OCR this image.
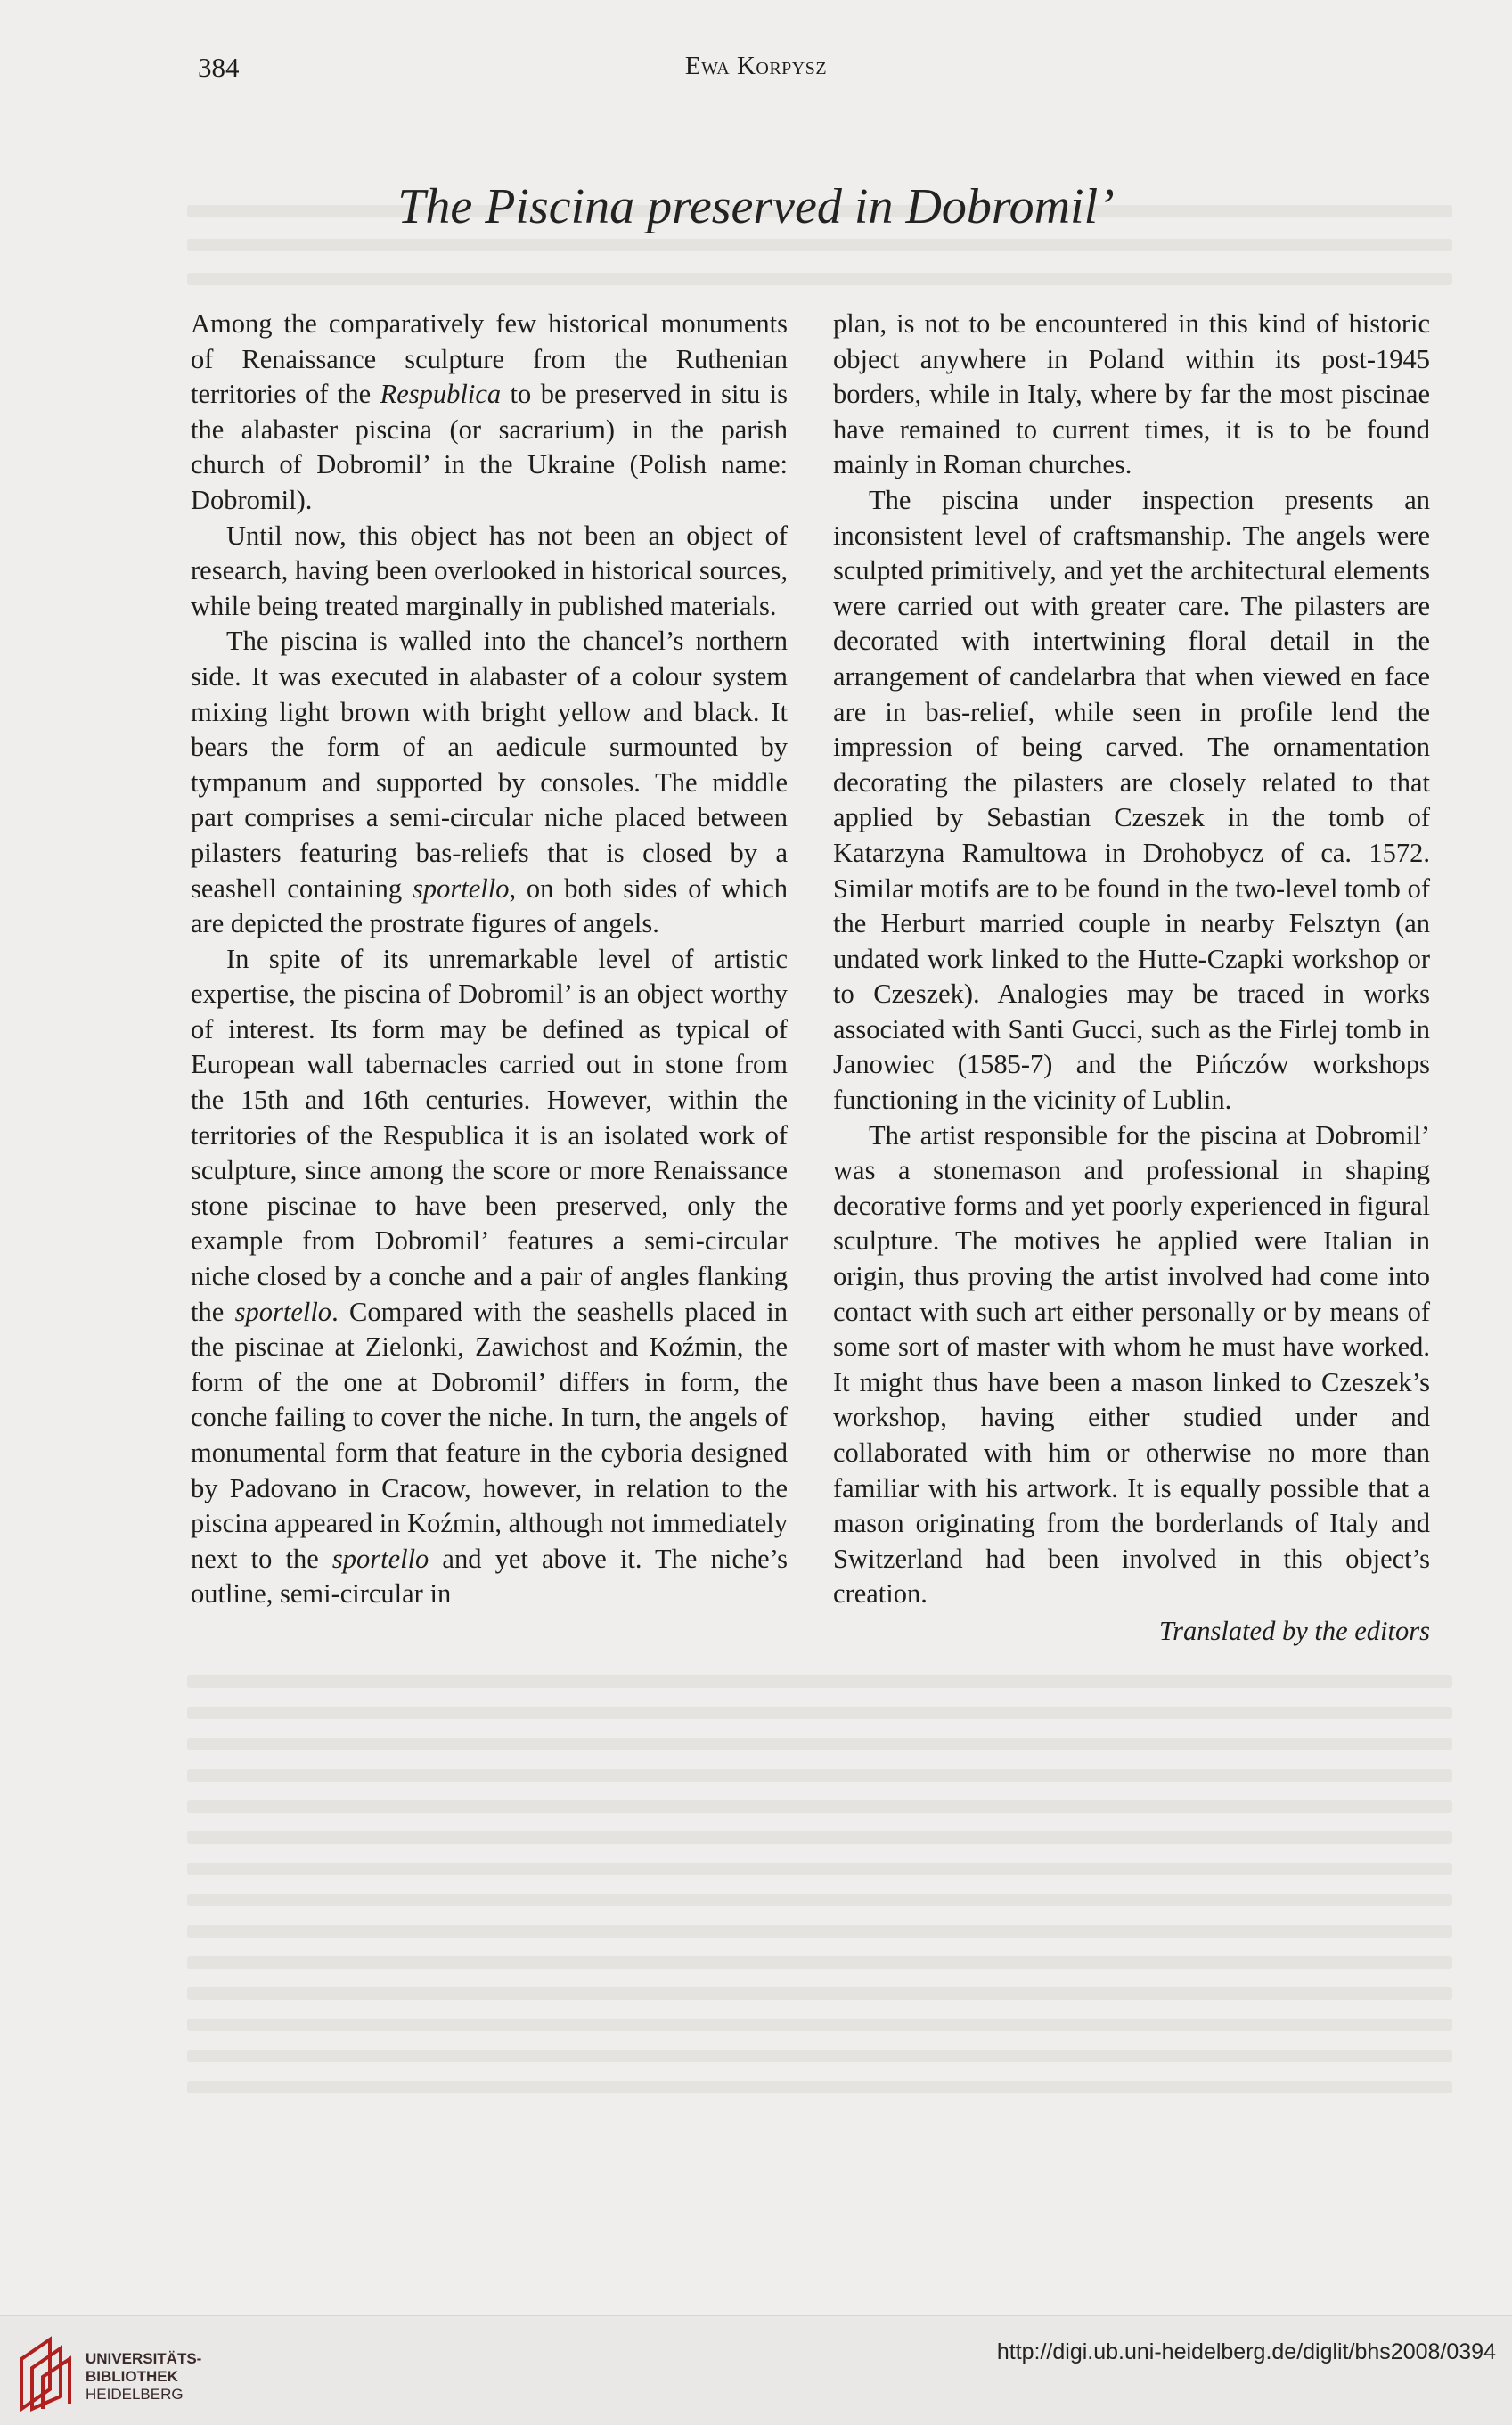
384	Ewa Korpysz
The Piscina preserved in Dobromil’

Among the comparatively few historical monuments of Renaissance sculpture from the Ruthenian territories of the Respublica to be preserved in situ is the alabaster piscina (or sacrarium) in the parish church of Dobromil’ in the Ukraine (Polish name: Dobromil).

Until now, this object has not been an object of research, having been overlooked in historical sources, while being treated marginally in published materials.

The piscina is walled into the chancel’s northern side. It was executed in alabaster of a colour system mixing light brown with bright yellow and black. It bears the form of an aedicule surmounted by tympanum and supported by consoles. The middle part comprises a semi-circular niche placed between pilasters featuring bas-reliefs that is closed by a seashell containing sportello, on both sides of which are depicted the prostrate figures of angels.

In spite of its unremarkable level of artistic expertise, the piscina of Dobromil’ is an object worthy of interest. Its form may be defined as typical of European wall tabernacles carried out in stone from the 15th and 16th centuries. However, within the territories of the Respublica it is an isolated work of sculpture, since among the score or more Renaissance stone piscinae to have been preserved, only the example from Dobromil’ features a semi-circular niche closed by a conche and a pair of angles flanking the sportello. Compared with the seashells placed in the piscinae at Zielonki, Zawichost and Koźmin, the form of the one at Dobromil’ differs in form, the conche failing to cover the niche. In turn, the angels of monumental form that feature in the cyboria designed by Padovano in Cracow, however, in relation to the piscina appeared in Koźmin, although not immediately next to the sportello and yet above it. The niche’s outline, semi-circular in

plan, is not to be encountered in this kind of historic object anywhere in Poland within its post-1945 borders, while in Italy, where by far the most piscinae have remained to current times, it is to be found mainly in Roman churches.

The piscina under inspection presents an inconsistent level of craftsmanship. The angels were sculpted primitively, and yet the architectural elements were carried out with greater care. The pilasters are decorated with intertwining floral detail in the arrangement of candelarbra that when viewed en face are in bas-relief, while seen in profile lend the impression of being carved. The ornamentation decorating the pilasters are closely related to that applied by Sebastian Czeszek in the tomb of Katarzyna Ramultowa in Drohobycz of ca. 1572. Similar motifs are to be found in the two-level tomb of the Herburt married couple in nearby Felsztyn (an undated work linked to the Hutte-Czapki workshop or to Czeszek). Analogies may be traced in works associated with Santi Gucci, such as the Firlej tomb in Janowiec (1585-7) and the Pińczów workshops functioning in the vicinity of Lublin.

The artist responsible for the piscina at Dobromil’ was a stonemason and professional in shaping decorative forms and yet poorly experienced in figural sculpture. The motives he applied were Italian in origin, thus proving the artist involved had come into contact with such art either personally or by means of some sort of master with whom he must have worked. It might thus have been a mason linked to Czeszek’s workshop, having either studied under and collaborated with him or otherwise no more than familiar with his artwork. It is equally possible that a mason originating from the borderlands of Italy and Switzerland had been involved in this object’s creation.

Translated by the editors
UNIVERSITÄTS-
BIBLIOTHEK
HEIDELBERG
http://digi.ub.uni-heidelberg.de/diglit/bhs2008/0394
